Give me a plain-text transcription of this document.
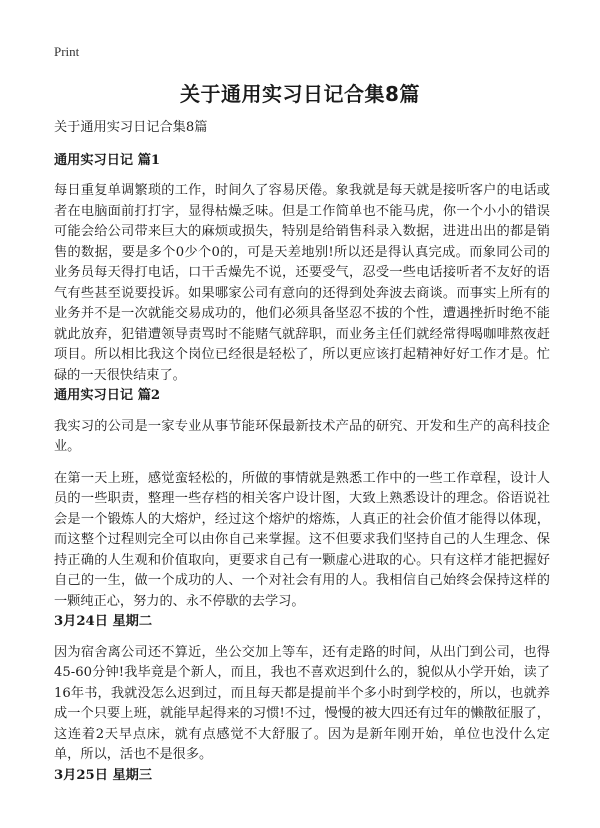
Print
关于通用实习日记合集8篇

关于通用实习日记合集8篇

通用实习日记 篇1

每日重复单调繁琐的工作，时间久了容易厌倦。象我就是每天就是接听客户的电话或者在电脑面前打打字，显得枯燥乏味。但是工作简单也不能马虎，你一个小小的错误可能会给公司带来巨大的麻烦或损失，特别是给销售科录入数据，进进出出的都是销售的数据，要是多个0少个0的，可是天差地别!所以还是得认真完成。而象同公司的业务员每天得打电话，口干舌燥先不说，还要受气，忍受一些电话接听者不友好的语气有些甚至说要投诉。如果哪家公司有意向的还得到处奔波去商谈。而事实上所有的业务并不是一次就能交易成功的，他们必须具备坚忍不拔的个性，遭遇挫折时绝不能就此放弃，犯错遭领导责骂时不能赌气就辞职，而业务主任们就经常得喝咖啡熬夜赶项目。所以相比我这个岗位已经很是轻松了，所以更应该打起精神好好工作才是。忙碌的一天很快结束了。

通用实习日记 篇2

我实习的公司是一家专业从事节能环保最新技术产品的研究、开发和生产的高科技企业。

在第一天上班，感觉蛮轻松的，所做的事情就是熟悉工作中的一些工作章程，设计人员的一些职责，整理一些存档的相关客户设计图，大致上熟悉设计的理念。俗语说社会是一个锻炼人的大熔炉，经过这个熔炉的熔炼，人真正的社会价值才能得以体现，而这整个过程则完全可以由你自己来掌握。这不但要求我们坚持自己的人生理念、保持正确的人生观和价值取向，更要求自己有一颗虚心进取的心。只有这样才能把握好自己的一生，做一个成功的人、一个对社会有用的人。我相信自己始终会保持这样的一颗纯正心，努力的、永不停歇的去学习。

3月24日 星期二

因为宿舍离公司还不算近，坐公交加上等车，还有走路的时间，从出门到公司，也得45-60分钟!我毕竟是个新人，而且，我也不喜欢迟到什么的，貌似从小学开始，读了16年书，我就没怎么迟到过，而且每天都是提前半个多小时到学校的，所以，也就养成一个只要上班，就能早起得来的习惯!不过，慢慢的被大四还有过年的懒散征服了，这连着2天早点床，就有点感觉不大舒服了。因为是新年刚开始，单位也没什么定单，所以，活也不是很多。

3月25日 星期三
